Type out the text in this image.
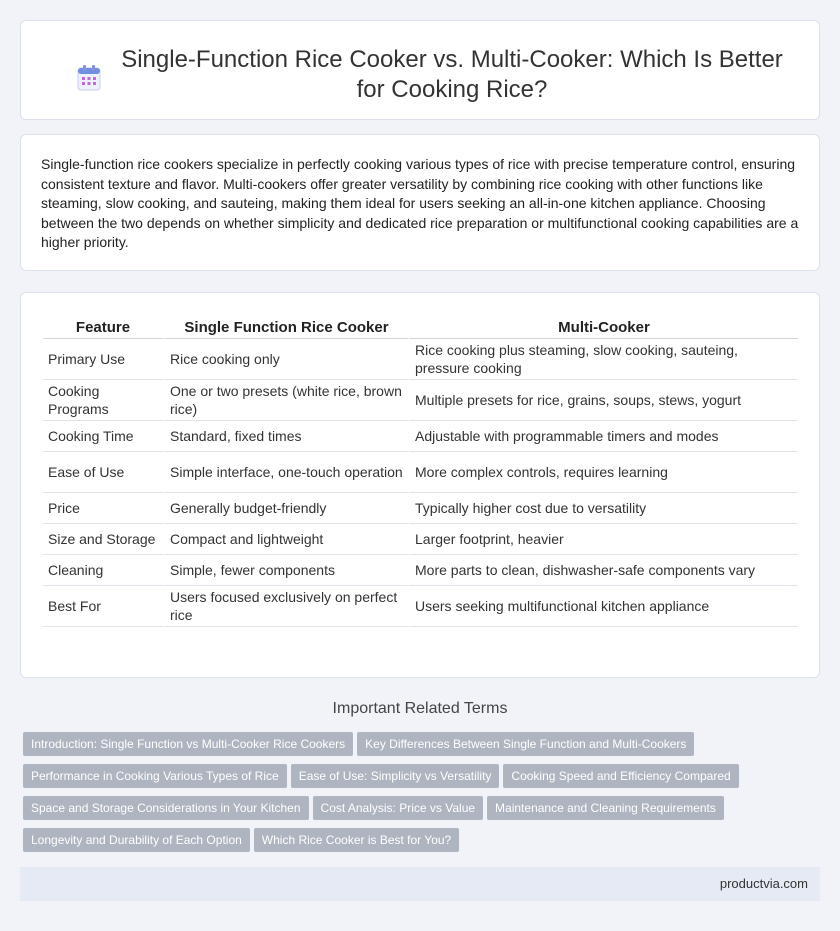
Single-Function Rice Cooker vs. Multi-Cooker: Which Is Better for Cooking Rice?

Single-function rice cookers specialize in perfectly cooking various types of rice with precise temperature control, ensuring consistent texture and flavor. Multi-cookers offer greater versatility by combining rice cooking with other functions like steaming, slow cooking, and sauteing, making them ideal for users seeking an all-in-one kitchen appliance. Choosing between the two depends on whether simplicity and dedicated rice preparation or multifunctional cooking capabilities are a higher priority.

Feature	Single Function Rice Cooker	Multi-Cooker
Primary Use	Rice cooking only	Rice cooking plus steaming, slow cooking, sauteing, pressure cooking
Cooking Programs	One or two presets (white rice, brown rice)	Multiple presets for rice, grains, soups, stews, yogurt
Cooking Time	Standard, fixed times	Adjustable with programmable timers and modes
Ease of Use	Simple interface, one-touch operation	More complex controls, requires learning
Price	Generally budget-friendly	Typically higher cost due to versatility
Size and Storage	Compact and lightweight	Larger footprint, heavier
Cleaning	Simple, fewer components	More parts to clean, dishwasher-safe components vary
Best For	Users focused exclusively on perfect rice	Users seeking multifunctional kitchen appliance
Important Related Terms
Introduction: Single Function vs Multi-Cooker Rice Cookers Key Differences Between Single Function and Multi-Cookers
Performance in Cooking Various Types of Rice Ease of Use: Simplicity vs Versatility Cooking Speed and Efficiency Compared
Space and Storage Considerations in Your Kitchen Cost Analysis: Price vs Value Maintenance and Cleaning Requirements
Longevity and Durability of Each Option Which Rice Cooker is Best for You?
productvia.com
